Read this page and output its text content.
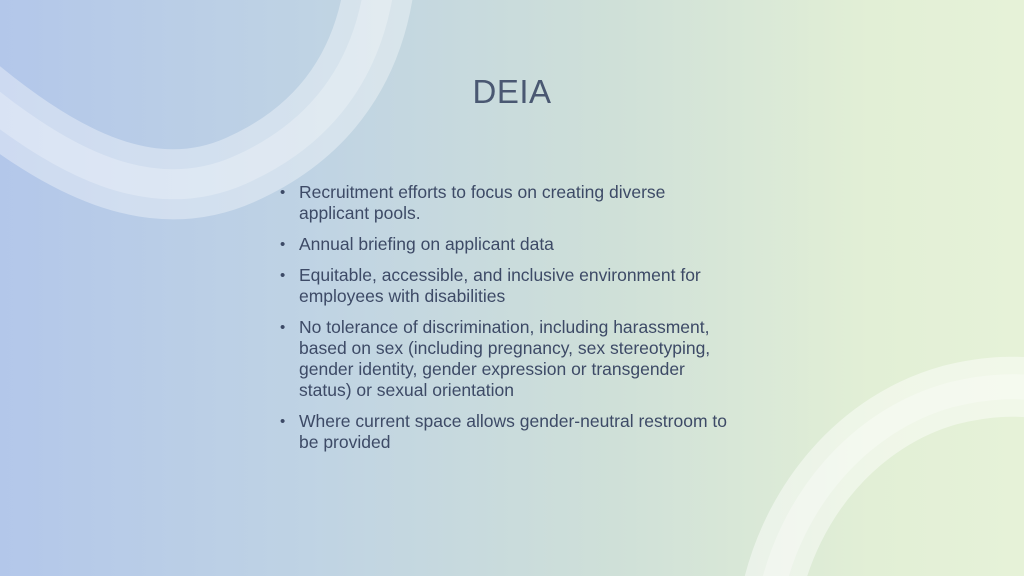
DEIA
• Recruitment efforts to focus on creating diverse applicant pools.
• Annual briefing on applicant data
• Equitable, accessible, and inclusive environment for employees with disabilities
• No tolerance of discrimination, including harassment, based on sex (including pregnancy, sex stereotyping, gender identity, gender expression or transgender status) or sexual orientation
• Where current space allows gender-neutral restroom to be provided
